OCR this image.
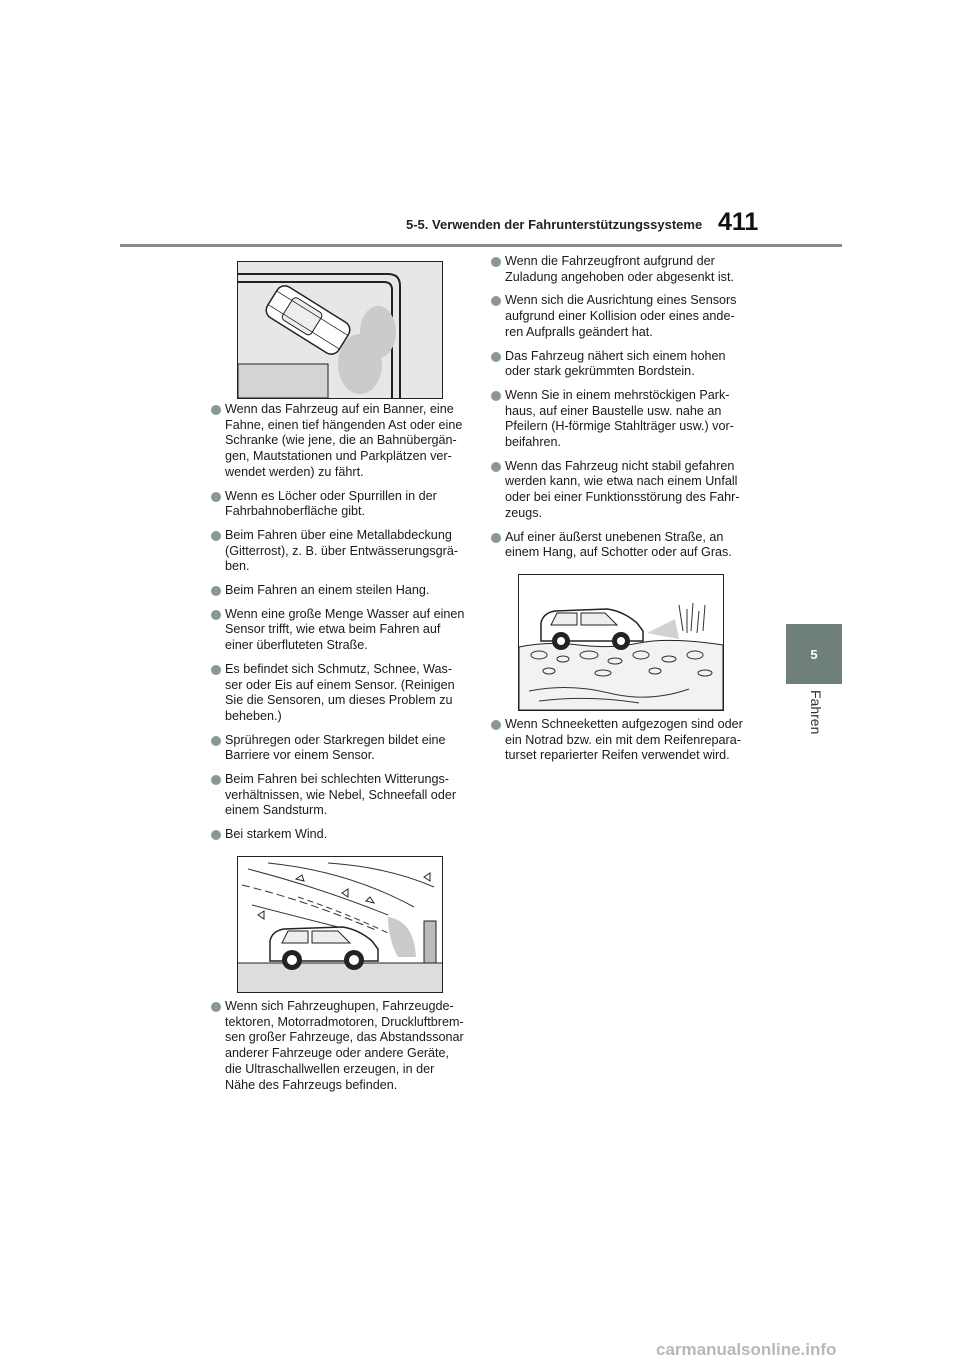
5-5. Verwenden der Fahrunterstützungssysteme 411
5
Fahren
Wenn das Fahrzeug auf ein Banner, eine
Fahne, einen tief hängenden Ast oder eine
Schranke (wie jene, die an Bahnübergän-
gen, Mautstationen und Parkplätzen ver-
wendet werden) zu fährt.
Wenn es Löcher oder Spurrillen in der
Fahrbahnoberfläche gibt.
Beim Fahren über eine Metallabdeckung
(Gitterrost), z. B. über Entwässerungsgrä-
ben.
Beim Fahren an einem steilen Hang.
Wenn eine große Menge Wasser auf einen
Sensor trifft, wie etwa beim Fahren auf
einer überfluteten Straße.
Es befindet sich Schmutz, Schnee, Was-
ser oder Eis auf einem Sensor. (Reinigen
Sie die Sensoren, um dieses Problem zu
beheben.)
Sprühregen oder Starkregen bildet eine
Barriere vor einem Sensor.
Beim Fahren bei schlechten Witterungs-
verhältnissen, wie Nebel, Schneefall oder
einem Sandsturm.
Bei starkem Wind.
Wenn sich Fahrzeughupen, Fahrzeugde-
tektoren, Motorradmotoren, Druckluftbrem-
sen großer Fahrzeuge, das Abstandssonar
anderer Fahrzeuge oder andere Geräte,
die Ultraschallwellen erzeugen, in der
Nähe des Fahrzeugs befinden.
Wenn die Fahrzeugfront aufgrund der
Zuladung angehoben oder abgesenkt ist.
Wenn sich die Ausrichtung eines Sensors
aufgrund einer Kollision oder eines ande-
ren Aufpralls geändert hat.
Das Fahrzeug nähert sich einem hohen
oder stark gekrümmten Bordstein.
Wenn Sie in einem mehrstöckigen Park-
haus, auf einer Baustelle usw. nahe an
Pfeilern (H-förmige Stahlträger usw.) vor-
beifahren.
Wenn das Fahrzeug nicht stabil gefahren
werden kann, wie etwa nach einem Unfall
oder bei einer Funktionsstörung des Fahr-
zeugs.
Auf einer äußerst unebenen Straße, an
einem Hang, auf Schotter oder auf Gras.
Wenn Schneeketten aufgezogen sind oder
ein Notrad bzw. ein mit dem Reifenrepara-
turset reparierter Reifen verwendet wird.
carmanualsonline.info
